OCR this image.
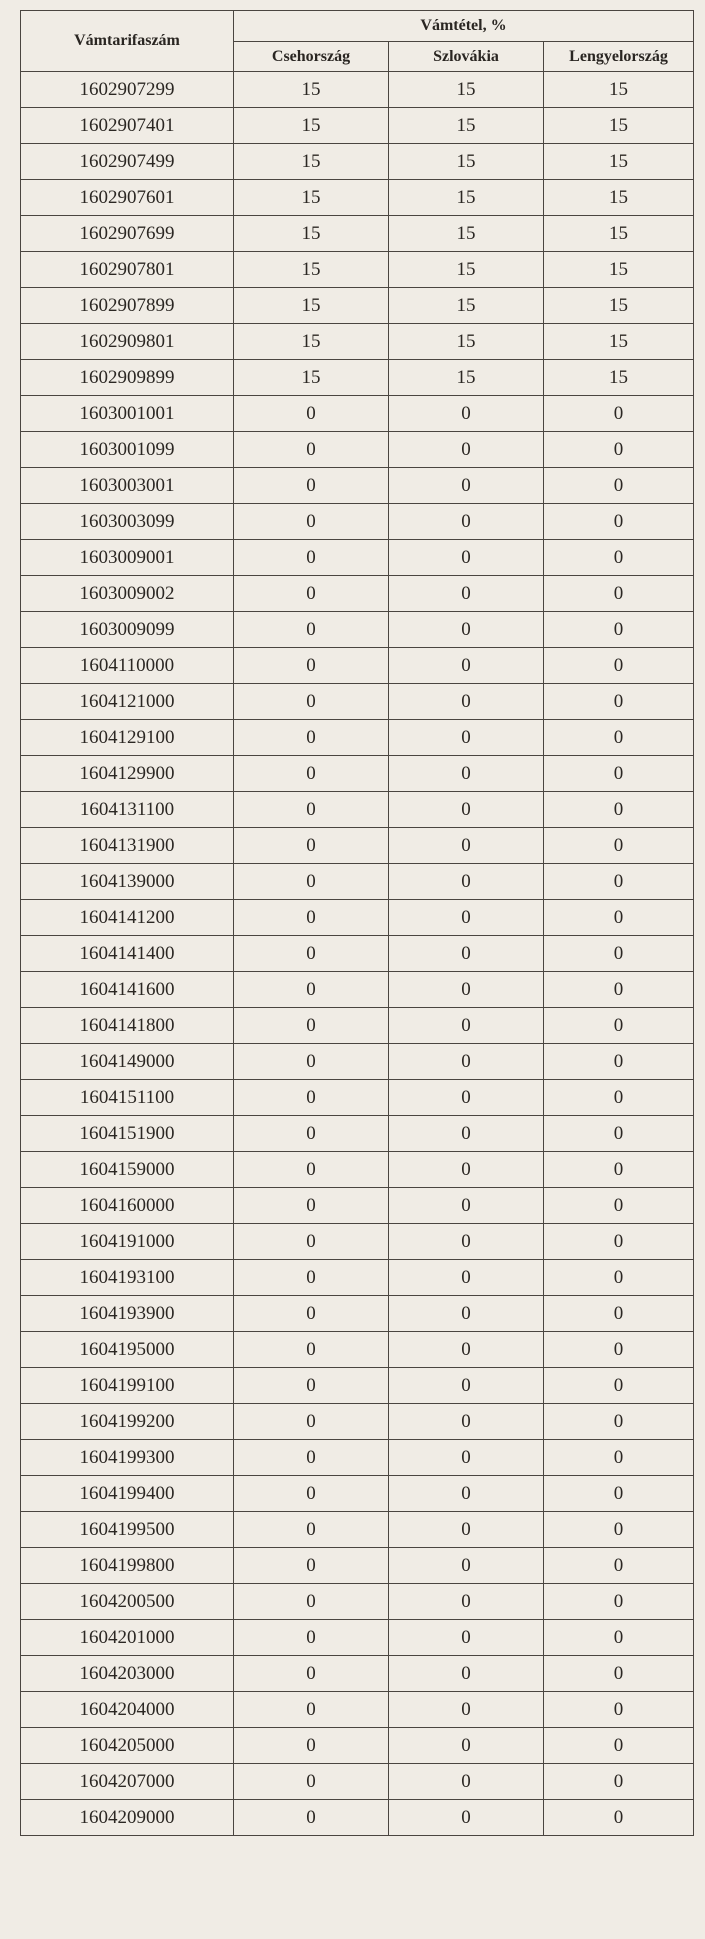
Vámtarifaszám	Vámtétel, %		
	Csehország	Szlovákia	Lengyelország
1602907299	15	15	15
1602907401	15	15	15
1602907499	15	15	15
1602907601	15	15	15
1602907699	15	15	15
1602907801	15	15	15
1602907899	15	15	15
1602909801	15	15	15
1602909899	15	15	15
1603001001	0	0	0
1603001099	0	0	0
1603003001	0	0	0
1603003099	0	0	0
1603009001	0	0	0
1603009002	0	0	0
1603009099	0	0	0
1604110000	0	0	0
1604121000	0	0	0
1604129100	0	0	0
1604129900	0	0	0
1604131100	0	0	0
1604131900	0	0	0
1604139000	0	0	0
1604141200	0	0	0
1604141400	0	0	0
1604141600	0	0	0
1604141800	0	0	0
1604149000	0	0	0
1604151100	0	0	0
1604151900	0	0	0
1604159000	0	0	0
1604160000	0	0	0
1604191000	0	0	0
1604193100	0	0	0
1604193900	0	0	0
1604195000	0	0	0
1604199100	0	0	0
1604199200	0	0	0
1604199300	0	0	0
1604199400	0	0	0
1604199500	0	0	0
1604199800	0	0	0
1604200500	0	0	0
1604201000	0	0	0
1604203000	0	0	0
1604204000	0	0	0
1604205000	0	0	0
1604207000	0	0	0
1604209000	0	0	0
